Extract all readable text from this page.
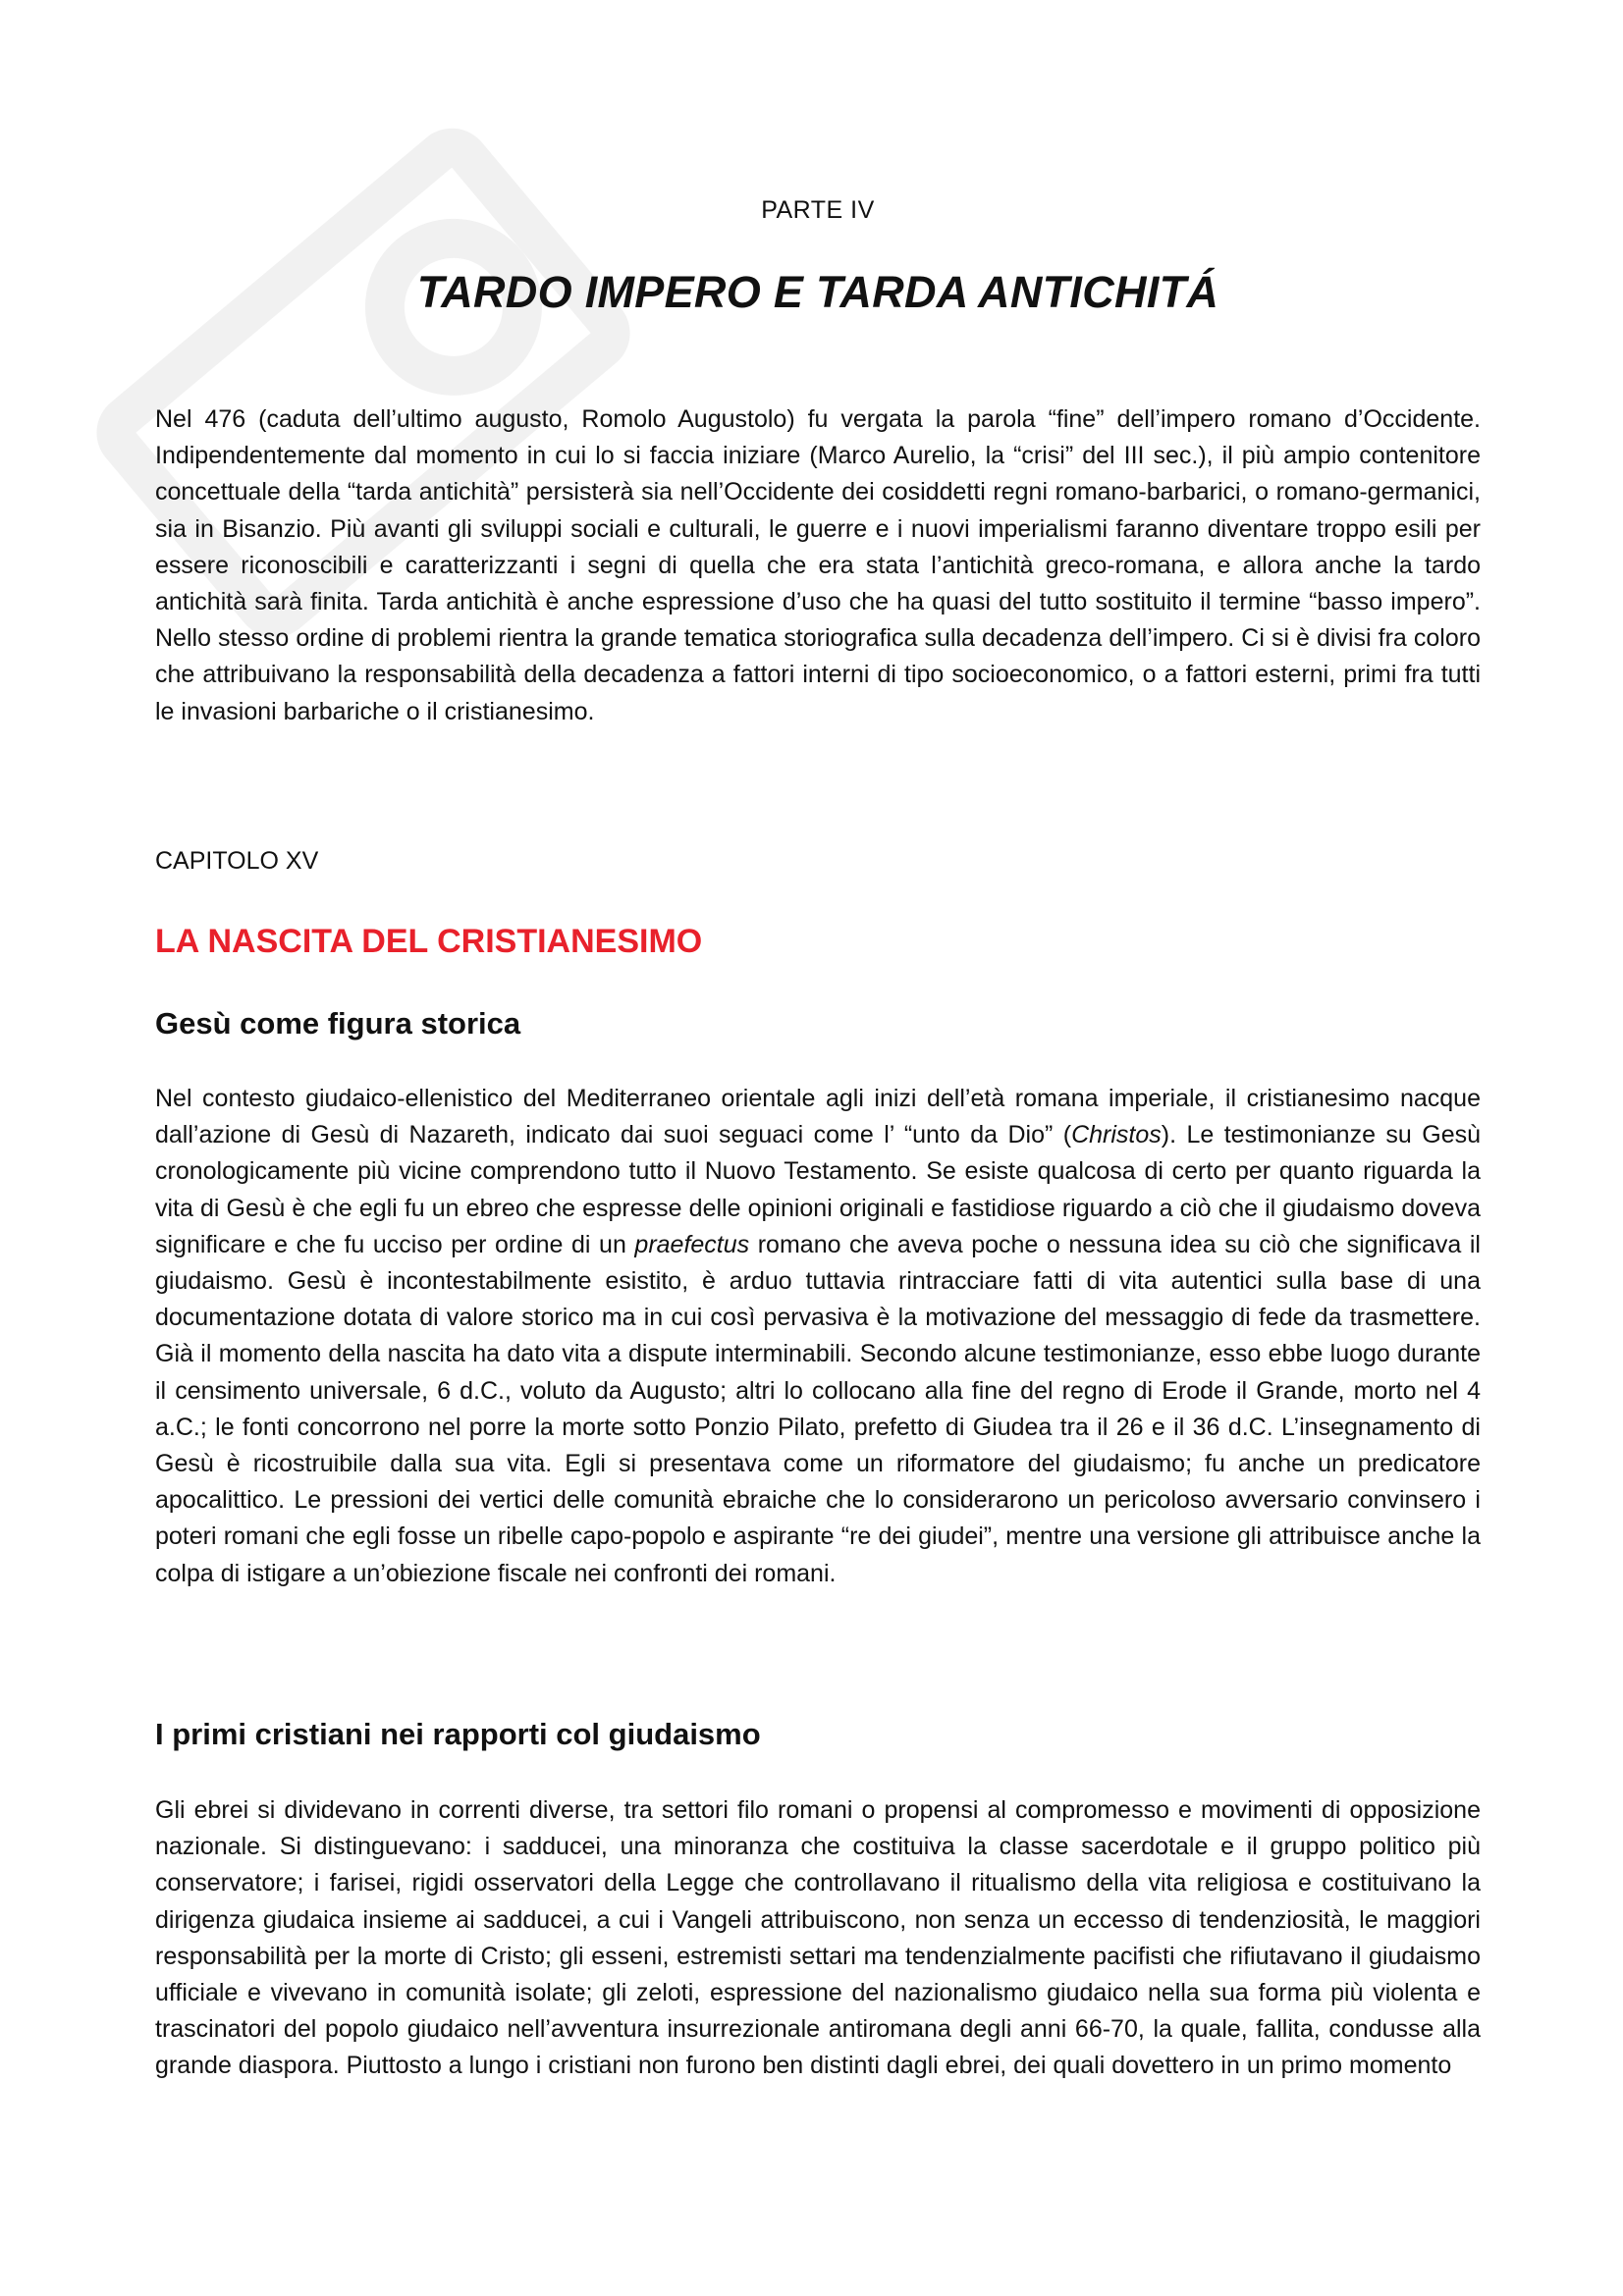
PARTE IV
TARDO IMPERO E TARDA ANTICHITÁ

Nel 476 (caduta dell’ultimo augusto, Romolo Augustolo) fu vergata la parola “fine” dell’impero romano d’Occidente. Indipendentemente dal momento in cui lo si faccia iniziare (Marco Aurelio, la “crisi” del III sec.), il più ampio contenitore concettuale della “tarda antichità” persisterà sia nell’Occidente dei cosiddetti regni romano-barbarici, o romano-germanici, sia in Bisanzio. Più avanti gli sviluppi sociali e culturali, le guerre e i nuovi imperialismi faranno diventare troppo esili per essere riconoscibili e caratterizzanti i segni di quella che era stata l’antichità greco-romana, e allora anche la tardo antichità sarà finita. Tarda antichità è anche espressione d’uso che ha quasi del tutto sostituito il termine “basso impero”. Nello stesso ordine di problemi rientra la grande tematica storiografica sulla decadenza dell’impero. Ci si è divisi fra coloro che attribuivano la responsabilità della decadenza a fattori interni di tipo socioeconomico, o a fattori esterni, primi fra tutti le invasioni barbariche o il cristianesimo.

CAPITOLO XV
LA NASCITA DEL CRISTIANESIMO
Gesù come figura storica

Nel contesto giudaico-ellenistico del Mediterraneo orientale agli inizi dell’età romana imperiale, il cristianesimo nacque dall’azione di Gesù di Nazareth, indicato dai suoi seguaci come l’ “unto da Dio” (Christos). Le testimonianze su Gesù cronologicamente più vicine comprendono tutto il Nuovo Testamento. Se esiste qualcosa di certo per quanto riguarda la vita di Gesù è che egli fu un ebreo che espresse delle opinioni originali e fastidiose riguardo a ciò che il giudaismo doveva significare e che fu ucciso per ordine di un praefectus romano che aveva poche o nessuna idea su ciò che significava il giudaismo. Gesù è incontestabilmente esistito, è arduo tuttavia rintracciare fatti di vita autentici sulla base di una documentazione dotata di valore storico ma in cui così pervasiva è la motivazione del messaggio di fede da trasmettere. Già il momento della nascita ha dato vita a dispute interminabili. Secondo alcune testimonianze, esso ebbe luogo durante il censimento universale, 6 d.C., voluto da Augusto; altri lo collocano alla fine del regno di Erode il Grande, morto nel 4 a.C.; le fonti concorrono nel porre la morte sotto Ponzio Pilato, prefetto di Giudea tra il 26 e il 36 d.C. L’insegnamento di Gesù è ricostruibile dalla sua vita. Egli si presentava come un riformatore del giudaismo; fu anche un predicatore apocalittico. Le pressioni dei vertici delle comunità ebraiche che lo considerarono un pericoloso avversario convinsero i poteri romani che egli fosse un ribelle capo-popolo e aspirante “re dei giudei”, mentre una versione gli attribuisce anche la colpa di istigare a un’obiezione fiscale nei confronti dei romani.

I primi cristiani nei rapporti col giudaismo

Gli ebrei si dividevano in correnti diverse, tra settori filo romani o propensi al compromesso e movimenti di opposizione nazionale. Si distinguevano: i sadducei, una minoranza che costituiva la classe sacerdotale e il gruppo politico più conservatore; i farisei, rigidi osservatori della Legge che controllavano il ritualismo della vita religiosa e costituivano la dirigenza giudaica insieme ai sadducei, a cui i Vangeli attribuiscono, non senza un eccesso di tendenziosità, le maggiori responsabilità per la morte di Cristo; gli esseni, estremisti settari ma tendenzialmente pacifisti che rifiutavano il giudaismo ufficiale e vivevano in comunità isolate; gli zeloti, espressione del nazionalismo giudaico nella sua forma più violenta e trascinatori del popolo giudaico nell’avventura insurrezionale antiromana degli anni 66-70, la quale, fallita, condusse alla grande diaspora. Piuttosto a lungo i cristiani non furono ben distinti dagli ebrei, dei quali dovettero in un primo momento
